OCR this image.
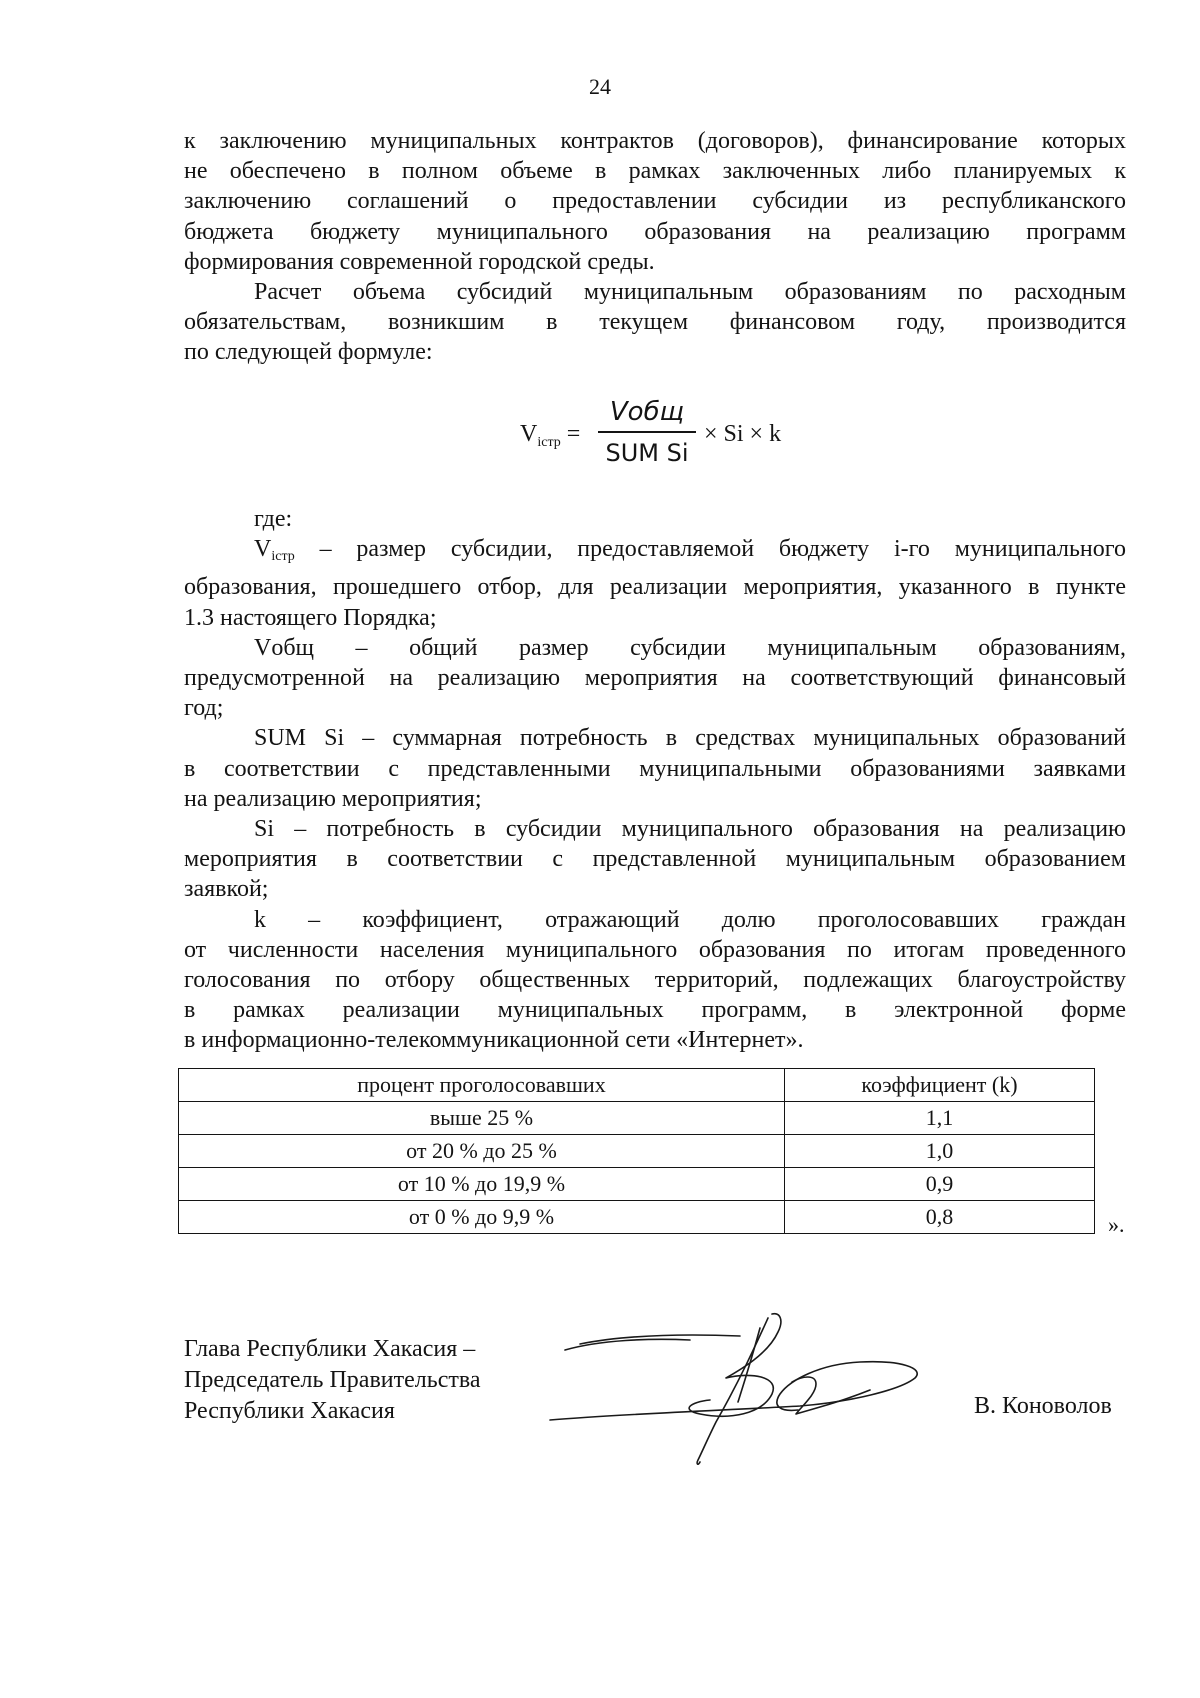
24

к заключению муниципальных контрактов (договоров), финансирование которых
не обеспечено в полном объеме в рамках заключенных либо планируемых к
заключению соглашений о предоставлении субсидии из республиканского
бюджета бюджету муниципального образования на реализацию программ
формирования современной городской среды.

Расчет объема субсидий муниципальным образованиям по расходным
обязательствам, возникшим в текущем финансовом году, производится
по следующей формуле:

$V_{iстр}$ =
Vобщ
SUM Si
× Si × k

где:
Viстр – размер субсидии, предоставляемой бюджету i-го муниципального
образования, прошедшего отбор, для реализации мероприятия, указанного в пункте
1.3 настоящего Порядка;
Vобщ – общий размер субсидии муниципальным образованиям,
предусмотренной на реализацию мероприятия на соответствующий финансовый
год;
SUM Si – суммарная потребность в средствах муниципальных образований
в соответствии с представленными муниципальными образованиями заявками
на реализацию мероприятия;
Si – потребность в субсидии муниципального образования на реализацию
мероприятия в соответствии с представленной муниципальным образованием
заявкой;
k – коэффициент, отражающий долю проголосовавших граждан
от численности населения муниципального образования по итогам проведенного
голосования по отбору общественных территорий, подлежащих благоустройству
в рамках реализации муниципальных программ, в электронной форме
в информационно-телекоммуникационной сети «Интернет».

процент проголосовавших	коэффициент (k)
выше 25 %	1,1
от 20 % до 25 %	1,0
от 10 % до 19,9 %	0,9
от 0 % до 9,9 %	0,8	».
Глава Республики Хакасия –
Председатель Правительства
Республики Хакасия	В. Коноволов
